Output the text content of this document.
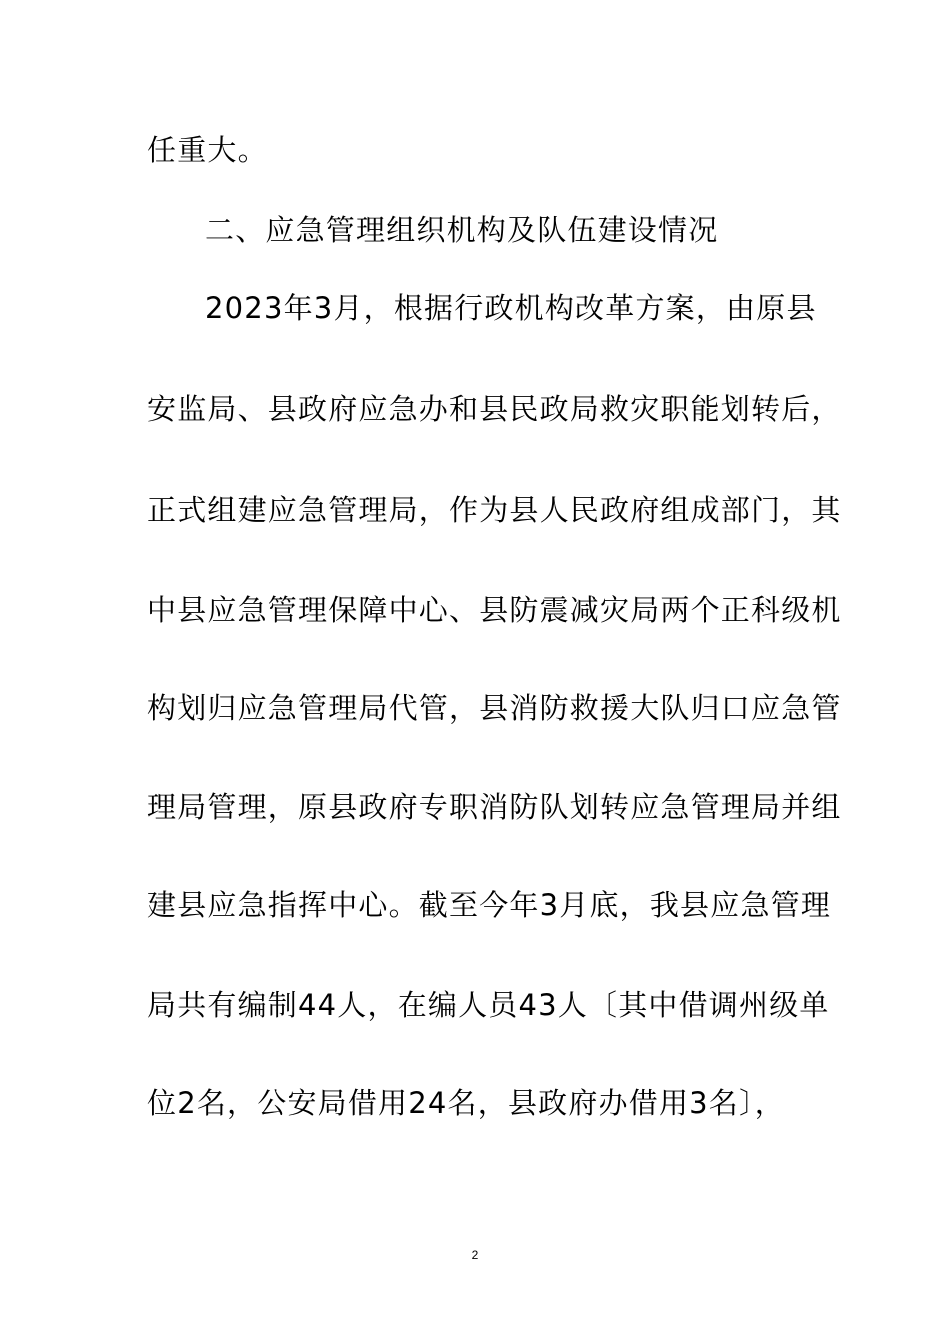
任重大。
二、应急管理组织机构及队伍建设情况
2023年3月，根据行政机构改革方案，由原县
安监局、县政府应急办和县民政局救灾职能划转后，
正式组建应急管理局，作为县人民政府组成部门，其
中县应急管理保障中心、县防震减灾局两个正科级机
构划归应急管理局代管，县消防救援大队归口应急管
理局管理，原县政府专职消防队划转应急管理局并组
建县应急指挥中心。截至今年3月底，我县应急管理
局共有编制44人，在编人员43人〔其中借调州级单
位2名，公安局借用24名，县政府办借用3名〕，
2
